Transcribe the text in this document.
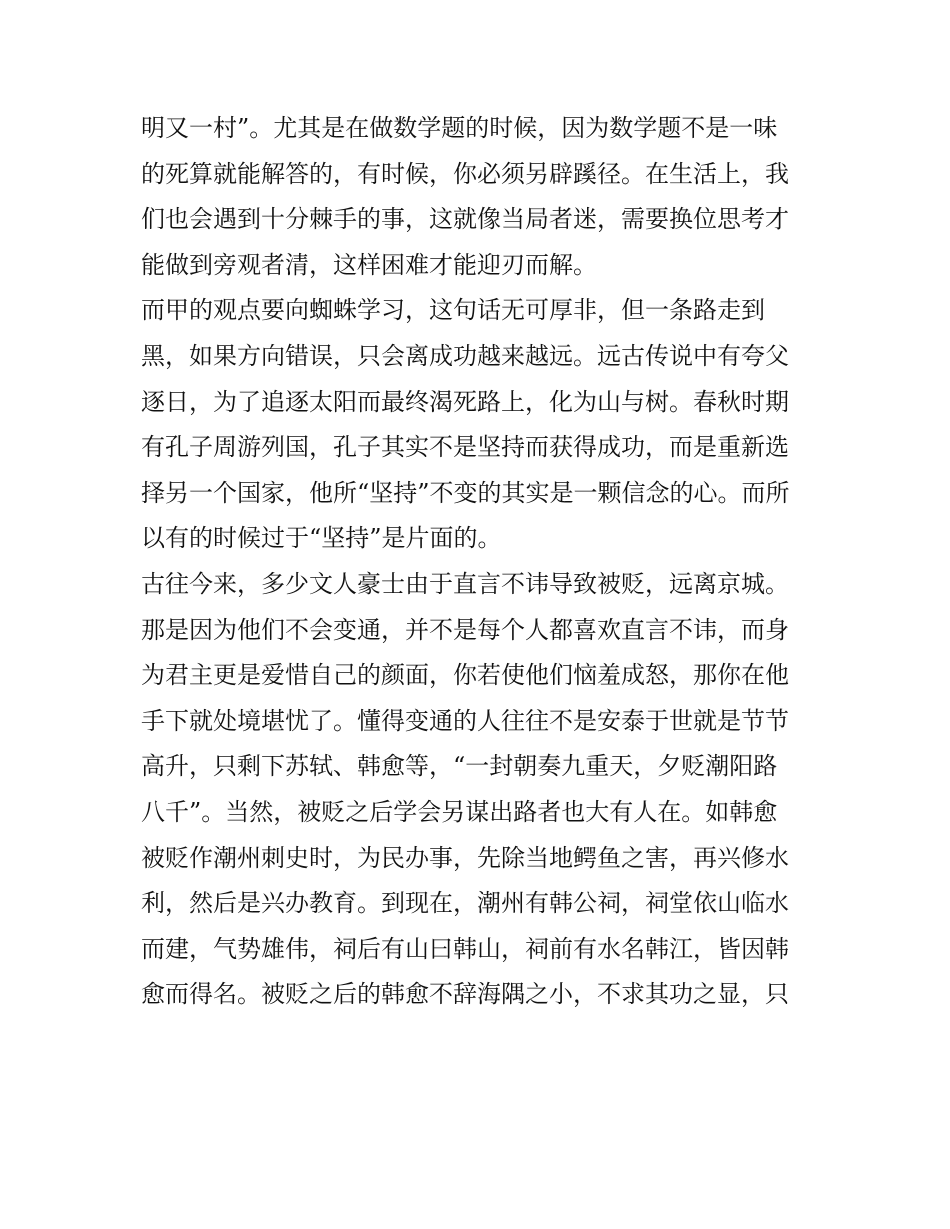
明又一村”。尤其是在做数学题的时候，因为数学题不是一味
的死算就能解答的，有时候，你必须另辟蹊径。在生活上，我
们也会遇到十分棘手的事，这就像当局者迷，需要换位思考才
能做到旁观者清，这样困难才能迎刃而解。
而甲的观点要向蜘蛛学习，这句话无可厚非，但一条路走到
黑，如果方向错误，只会离成功越来越远。远古传说中有夸父
逐日，为了追逐太阳而最终渴死路上，化为山与树。春秋时期
有孔子周游列国，孔子其实不是坚持而获得成功，而是重新选
择另一个国家，他所“坚持”不变的其实是一颗信念的心。而所
以有的时候过于“坚持”是片面的。
古往今来，多少文人豪士由于直言不讳导致被贬，远离京城。
那是因为他们不会变通，并不是每个人都喜欢直言不讳，而身
为君主更是爱惜自己的颜面，你若使他们恼羞成怒，那你在他
手下就处境堪忧了。懂得变通的人往往不是安泰于世就是节节
高升，只剩下苏轼、韩愈等，“一封朝奏九重天，夕贬潮阳路
八千”。当然，被贬之后学会另谋出路者也大有人在。如韩愈
被贬作潮州刺史时，为民办事，先除当地鳄鱼之害，再兴修水
利，然后是兴办教育。到现在，潮州有韩公祠，祠堂依山临水
而建，气势雄伟，祠后有山曰韩山，祠前有水名韩江，皆因韩
愈而得名。被贬之后的韩愈不辞海隅之小，不求其功之显，只
